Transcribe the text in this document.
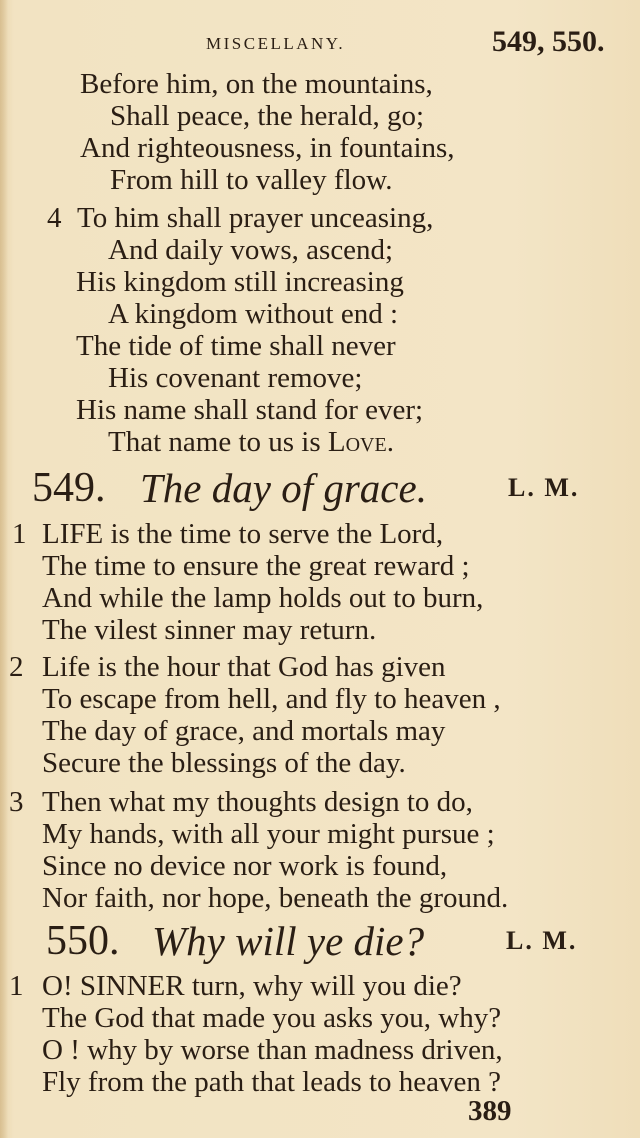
MISCELLANY.	549, 550.
Before him, on the mountains,
Shall peace, the herald, go;
And righteousness, in fountains,
From hill to valley flow.
4 To him shall prayer unceasing,
And daily vows, ascend;
His kingdom still increasing
A kingdom without end :
The tide of time shall never
His covenant remove;
His name shall stand for ever;
That name to us is Love.
549. The day of grace.	L. M.
1 LIFE is the time to serve the Lord,
The time to ensure the great reward ;
And while the lamp holds out to burn,
The vilest sinner may return.
2 Life is the hour that God has given
To escape from hell, and fly to heaven ,
The day of grace, and mortals may
Secure the blessings of the day.
3 Then what my thoughts design to do,
My hands, with all your might pursue ;
Since no device nor work is found,
Nor faith, nor hope, beneath the ground.
550. Why will ye die?	L. M.
1 O! SINNER turn, why will you die?
The God that made you asks you, why?
O ! why by worse than madness driven,
Fly from the path that leads to heaven ?
389
